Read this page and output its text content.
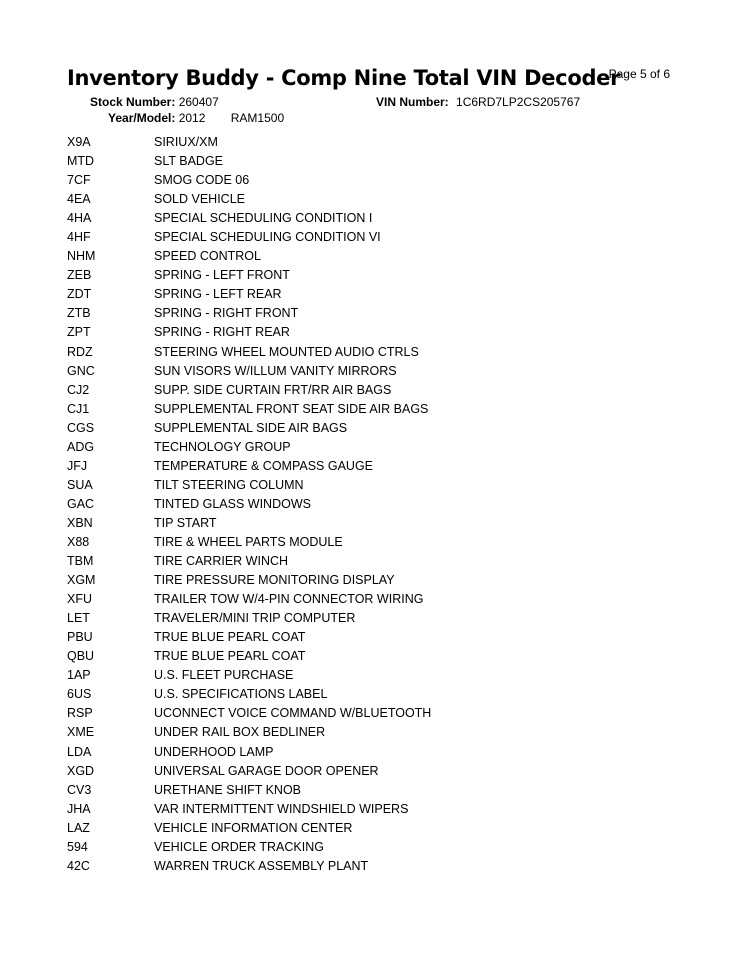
Inventory Buddy - Comp Nine Total VIN Decoder
Page 5 of 6
Stock Number: 260407	VIN Number: 1C6RD7LP2CS205767
Year/Model: 2012 RAM1500
X9A	SIRIUX/XM
MTD	SLT BADGE
7CF	SMOG CODE 06
4EA	SOLD VEHICLE
4HA	SPECIAL SCHEDULING CONDITION I
4HF	SPECIAL SCHEDULING CONDITION VI
NHM	SPEED CONTROL
ZEB	SPRING - LEFT FRONT
ZDT	SPRING - LEFT REAR
ZTB	SPRING - RIGHT FRONT
ZPT	SPRING - RIGHT REAR
RDZ	STEERING WHEEL MOUNTED AUDIO CTRLS
GNC	SUN VISORS W/ILLUM VANITY MIRRORS
CJ2	SUPP. SIDE CURTAIN FRT/RR AIR BAGS
CJ1	SUPPLEMENTAL FRONT SEAT SIDE AIR BAGS
CGS	SUPPLEMENTAL SIDE AIR BAGS
ADG	TECHNOLOGY GROUP
JFJ	TEMPERATURE & COMPASS GAUGE
SUA	TILT STEERING COLUMN
GAC	TINTED GLASS WINDOWS
XBN	TIP START
X88	TIRE & WHEEL PARTS MODULE
TBM	TIRE CARRIER WINCH
XGM	TIRE PRESSURE MONITORING DISPLAY
XFU	TRAILER TOW W/4-PIN CONNECTOR WIRING
LET	TRAVELER/MINI TRIP COMPUTER
PBU	TRUE BLUE PEARL COAT
QBU	TRUE BLUE PEARL COAT
1AP	U.S. FLEET PURCHASE
6US	U.S. SPECIFICATIONS LABEL
RSP	UCONNECT VOICE COMMAND W/BLUETOOTH
XME	UNDER RAIL BOX BEDLINER
LDA	UNDERHOOD LAMP
XGD	UNIVERSAL GARAGE DOOR OPENER
CV3	URETHANE SHIFT KNOB
JHA	VAR INTERMITTENT WINDSHIELD WIPERS
LAZ	VEHICLE INFORMATION CENTER
594	VEHICLE ORDER TRACKING
42C	WARREN TRUCK ASSEMBLY PLANT
